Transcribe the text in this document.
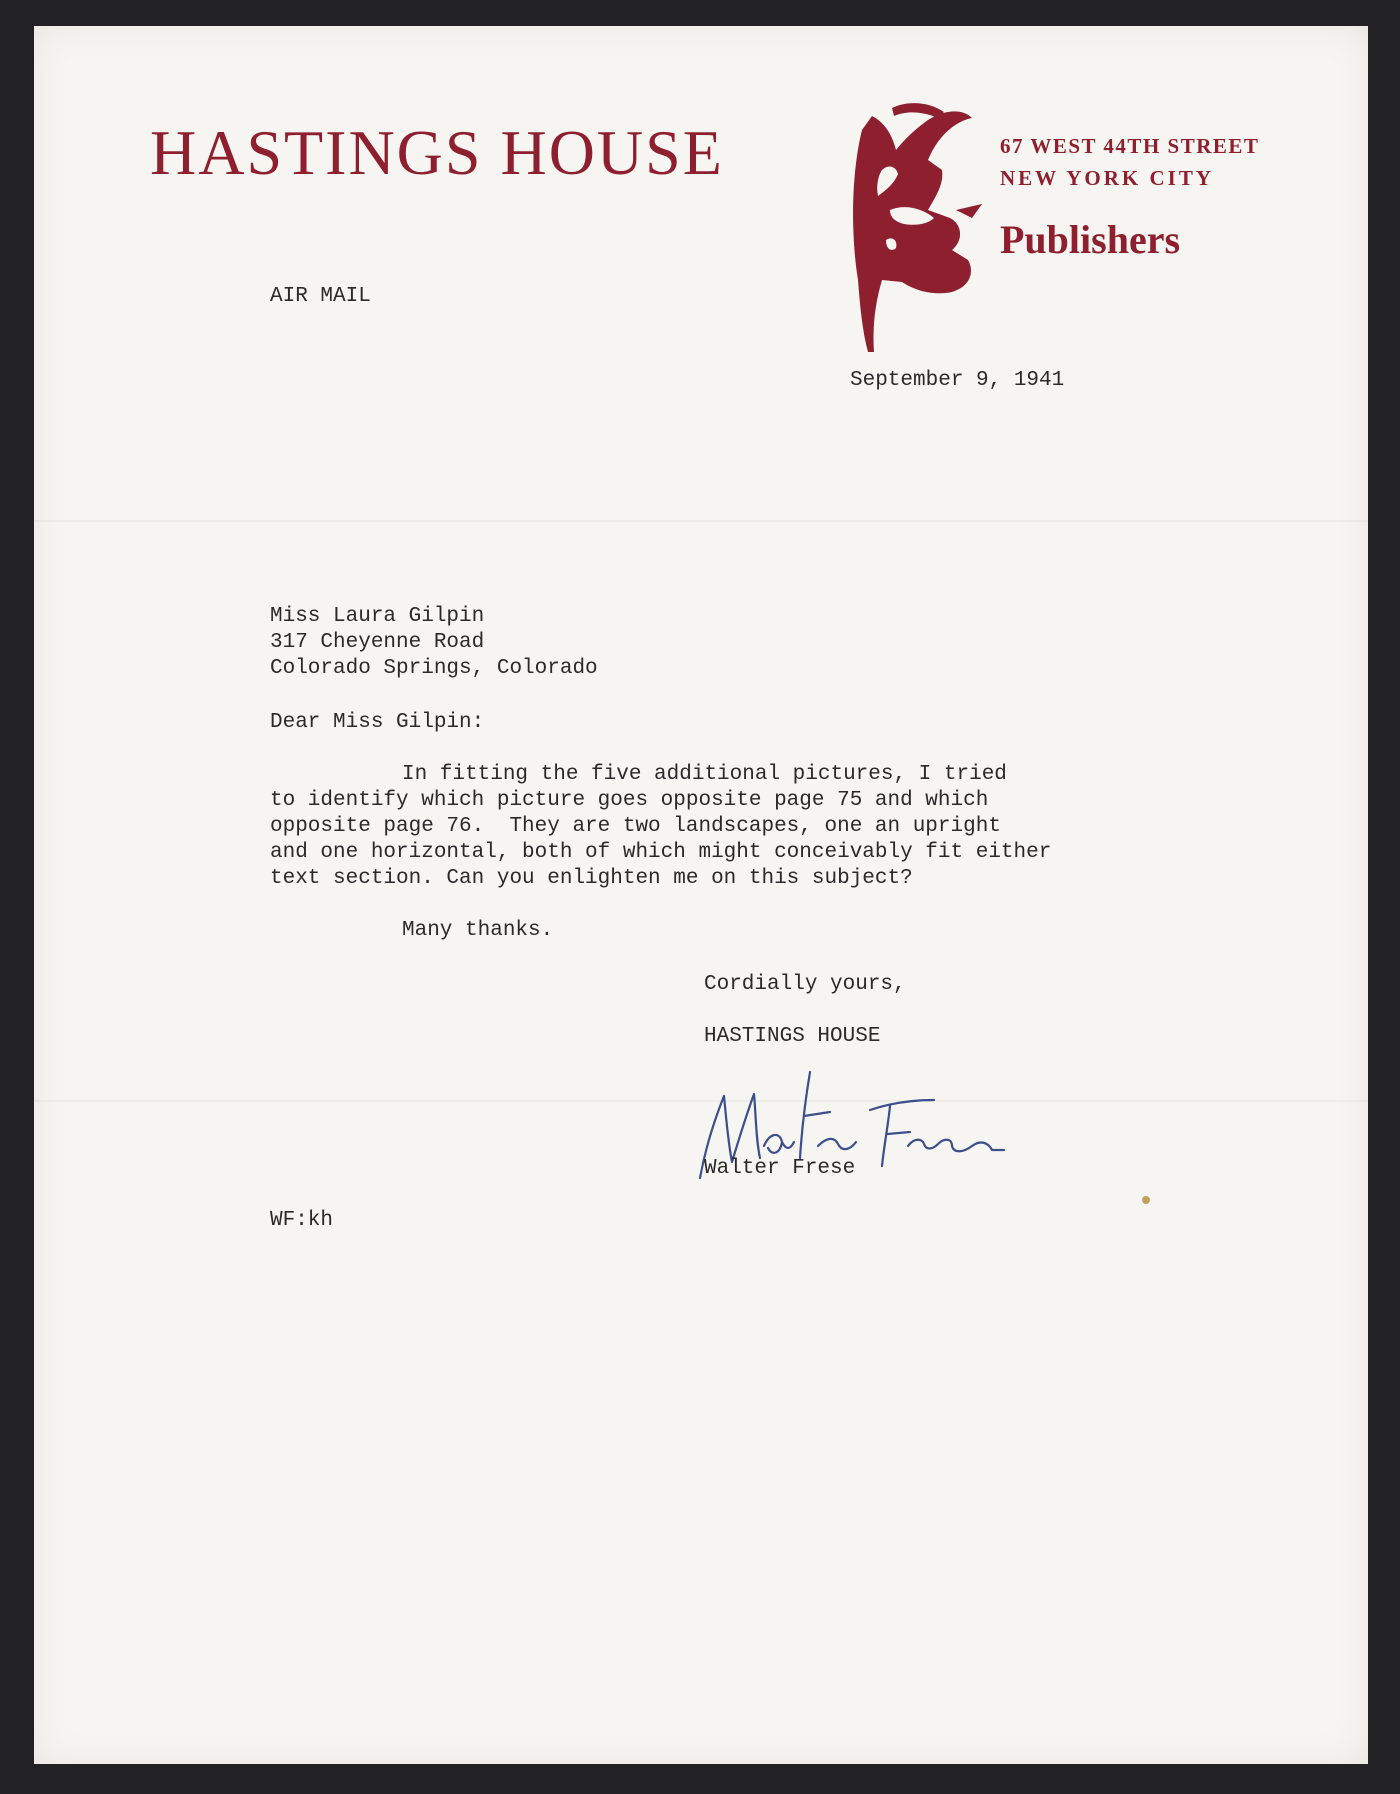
HASTINGS HOUSE	67 WEST 44TH STREET
NEW YORK CITY
Publishers
AIR MAIL
September 9, 1941
Miss Laura Gilpin
317 Cheyenne Road
Colorado Springs, Colorado
Dear Miss Gilpin:
In fitting the five additional pictures, I tried
to identify which picture goes opposite page 75 and which
opposite page 76.  They are two landscapes, one an upright
and one horizontal, both of which might conceivably fit either
text section. Can you enlighten me on this subject?
Many thanks.
Cordially yours,
HASTINGS HOUSE
Walter Frese
WF:kh
